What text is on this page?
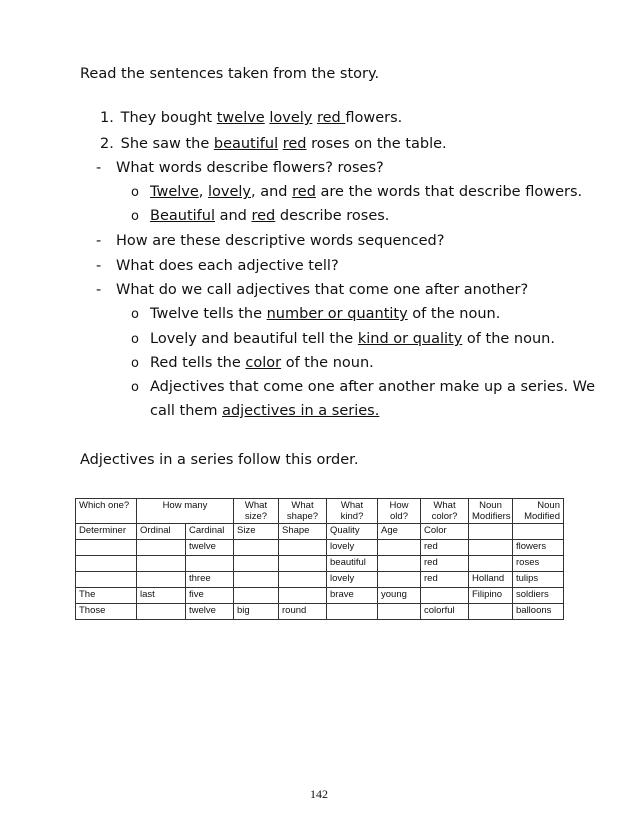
Read the sentences taken from the story.
1. They bought twelve lovely red flowers.
2. She saw the beautiful red roses on the table.
- What words describe flowers? roses?
o Twelve, lovely, and red are the words that describe flowers.
o Beautiful and red describe roses.
- How are these descriptive words sequenced?
- What does each adjective tell?
- What do we call adjectives that come one after another?
o Twelve tells the number or quantity of the noun.
o Lovely and beautiful tell the kind or quality of the noun.
o Red tells the color of the noun.
o Adjectives that come one after another make up a series. We
call them adjectives in a series.
Adjectives in a series follow this order.
Which one?	How many		What size?	What shape?	What kind?	How old?	What color?	Noun Modifiers	Noun Modified
Determiner	Ordinal	Cardinal	Size	Shape	Quality	Age	Color		
		twelve			lovely		red		flowers
					beautiful		red		roses
		three			lovely		red	Holland	tulips
The	last	five			brave	young		Filipino	soldiers
Those		twelve	big	round			colorful		balloons
142
